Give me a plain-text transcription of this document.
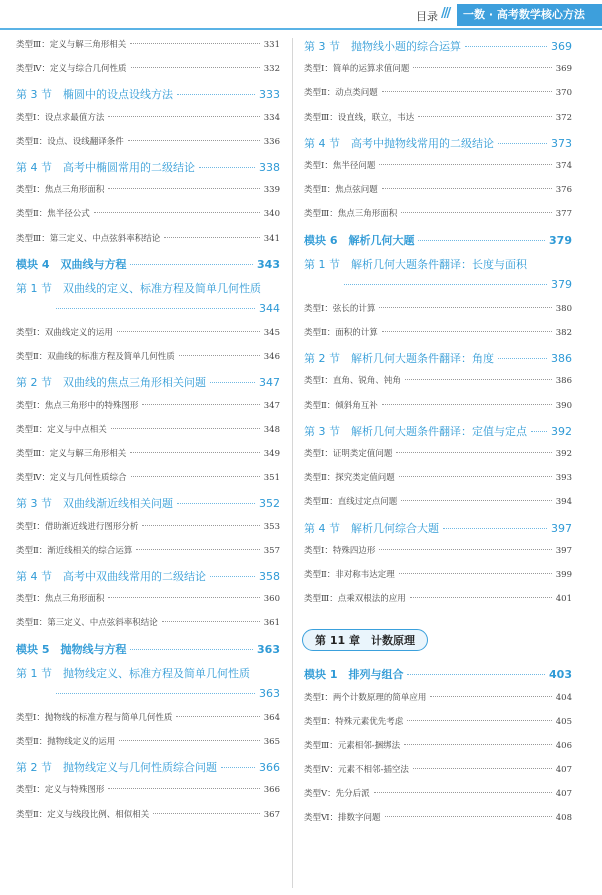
目录 ///	一数 · 高考数学核心方法
类型Ⅲ：定义与解三角形相关	331
类型Ⅳ：定义与综合几何性质	332
第 3 节　椭圆中的设点设线方法	333
类型Ⅰ：设点求最值方法	334
类型Ⅱ：设点、设线翻译条件	336
第 4 节　高考中椭圆常用的二级结论	338
类型Ⅰ：焦点三角形面积	339
类型Ⅱ：焦半径公式	340
类型Ⅲ：第三定义、中点弦斜率积结论	341
模块 4　双曲线与方程	343
第 1 节　双曲线的定义、标准方程及简单几何性质
344
类型Ⅰ：双曲线定义的运用	345
类型Ⅱ：双曲线的标准方程及简单几何性质	346
第 2 节　双曲线的焦点三角形相关问题	347
类型Ⅰ：焦点三角形中的特殊图形	347
类型Ⅱ：定义与中点相关	348
类型Ⅲ：定义与解三角形相关	349
类型Ⅳ：定义与几何性质综合	351
第 3 节　双曲线渐近线相关问题	352
类型Ⅰ：借助渐近线进行图形分析	353
类型Ⅱ：渐近线相关的综合运算	357
第 4 节　高考中双曲线常用的二级结论	358
类型Ⅰ：焦点三角形面积	360
类型Ⅱ：第三定义、中点弦斜率积结论	361
模块 5　抛物线与方程	363
第 1 节　抛物线定义、标准方程及简单几何性质
363
类型Ⅰ：抛物线的标准方程与简单几何性质	364
类型Ⅱ：抛物线定义的运用	365
第 2 节　抛物线定义与几何性质综合问题	366
类型Ⅰ：定义与特殊图形	366
类型Ⅱ：定义与线段比例、相似相关	367
第 3 节　抛物线小题的综合运算	369
类型Ⅰ：简单的运算求值问题	369
类型Ⅱ：动点类问题	370
类型Ⅲ：设直线，联立，韦达	372
第 4 节　高考中抛物线常用的二级结论	373
类型Ⅰ：焦半径问题	374
类型Ⅱ：焦点弦问题	376
类型Ⅲ：焦点三角形面积	377
模块 6　解析几何大题	379
第 1 节　解析几何大题条件翻译：长度与面积
379
类型Ⅰ：弦长的计算	380
类型Ⅱ：面积的计算	382
第 2 节　解析几何大题条件翻译：角度	386
类型Ⅰ：直角、锐角、钝角	386
类型Ⅱ：倾斜角互补	390
第 3 节　解析几何大题条件翻译：定值与定点 392
类型Ⅰ：证明类定值问题	392
类型Ⅱ：探究类定值问题	393
类型Ⅲ：直线过定点问题	394
第 4 节　解析几何综合大题	397
类型Ⅰ：特殊四边形	397
类型Ⅱ：非对称韦达定理	399
类型Ⅲ：点乘双根法的应用	401
第 11 章　计数原理
模块 1　排列与组合	403
类型Ⅰ：两个计数原理的简单应用	404
类型Ⅱ：特殊元素优先考虑	405
类型Ⅲ：元素相邻-捆绑法	406
类型Ⅳ：元素不相邻-插空法	407
类型Ⅴ：先分后派	407
类型Ⅵ：排数字问题	408
